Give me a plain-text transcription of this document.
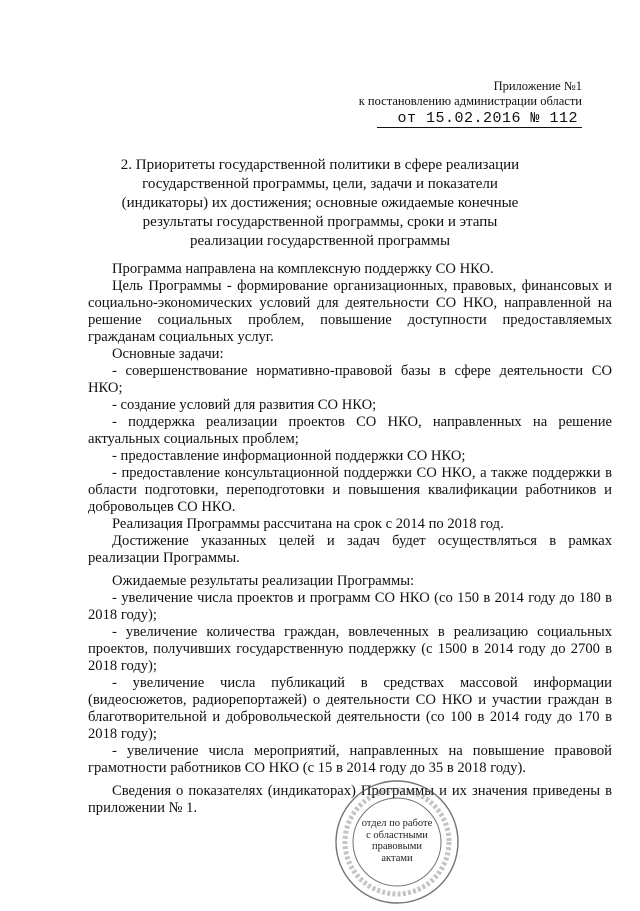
Приложение №1
к постановлению администрации области
от 15.02.2016 № 112
2. Приоритеты государственной политики в сфере реализации
государственной программы, цели, задачи и показатели
(индикаторы) их достижения; основные ожидаемые конечные
результаты государственной программы, сроки и этапы
реализации государственной программы

Программа направлена на комплексную поддержку СО НКО.

Цель Программы - формирование организационных, правовых, финансовых и социально-экономических условий для деятельности СО НКО, направленной на решение социальных проблем, повышение доступности предоставляемых гражданам социальных услуг.

Основные задачи:

- совершенствование нормативно-правовой базы в сфере деятельности СО НКО;

- создание условий для развития СО НКО;

- поддержка реализации проектов СО НКО, направленных на решение актуальных социальных проблем;

- предоставление информационной поддержки СО НКО;

- предоставление консультационной поддержки СО НКО, а также поддержки в области подготовки, переподготовки и повышения квалификации работников и добровольцев СО НКО.

Реализация Программы рассчитана на срок с 2014 по 2018 год.

Достижение указанных целей и задач будет осуществляться в рамках реализации Программы.

Ожидаемые результаты реализации Программы:

- увеличение числа проектов и программ СО НКО (со 150 в 2014 году до 180 в 2018 году);

- увеличение количества граждан, вовлеченных в реализацию социальных проектов, получивших государственную поддержку (с 1500 в 2014 году до 2700 в 2018 году);

- увеличение числа публикаций в средствах массовой информации (видеосюжетов, радиорепортажей) о деятельности СО НКО и участии граждан в благотворительной и добровольческой деятельности (со 100 в 2014 году до 170 в 2018 году);

- увеличение числа мероприятий, направленных на повышение правовой грамотности работников СО НКО (с 15 в 2014 году до 35 в 2018 году).

Сведения о показателях (индикаторах) Программы и их значения приведены в приложении № 1.

отдел по работе
с областными
правовыми
актами
